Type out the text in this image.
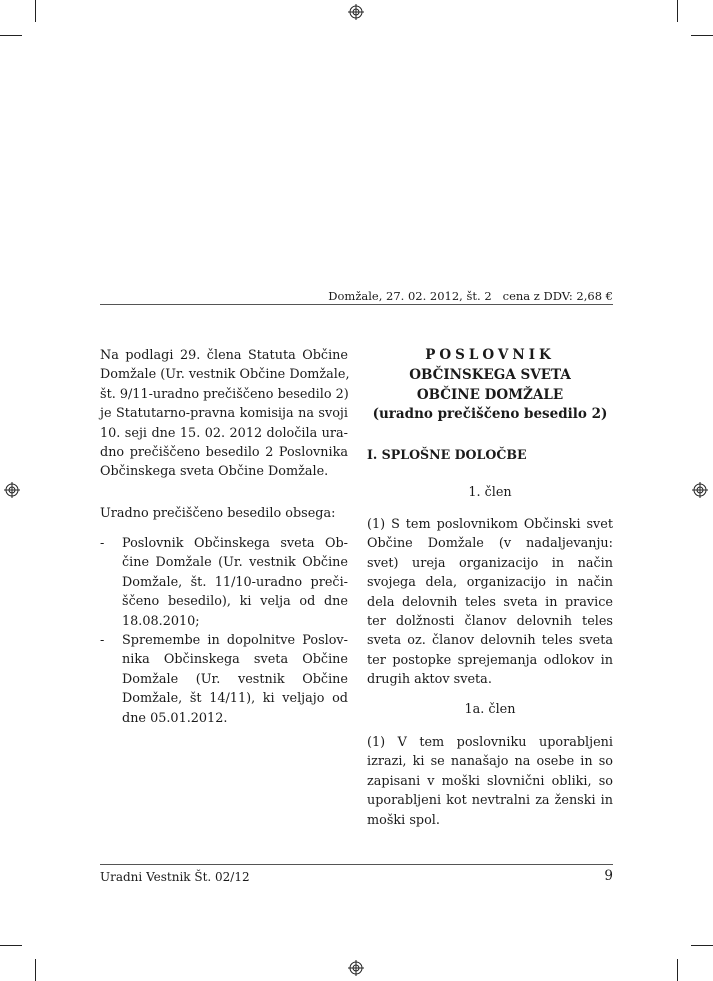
Domžale, 27. 02. 2012, št. 2 cena z DDV: 2,68 €

Na podlagi 29. člena Statuta Občine
Domžale (Ur. vestnik Občine Domžale,
št. 9/11-uradno prečiščeno besedilo 2)
je Statutarno-pravna komisija na svoji
10. seji dne 15. 02. 2012 določila ura-
dno prečiščeno besedilo 2 Poslovnika
Občinskega sveta Občine Domžale.

Uradno prečiščeno besedilo obsega:
- Poslovnik Občinskega sveta Ob-
čine Domžale (Ur. vestnik Občine
Domžale, št. 11/10-uradno preči-
ščeno besedilo), ki velja od dne
18.08.2010;
- Spremembe in dopolnitve Poslov-
nika Občinskega sveta Občine
Domžale (Ur. vestnik Občine
Domžale, št 14/11), ki veljajo od
dne 05.01.2012.
POSLOVNIK
OBČINSKEGA SVETA
OBČINE DOMŽALE
(uradno prečiščeno besedilo 2)
I. SPLOŠNE DOLOČBE
1. člen
(1) S tem poslovnikom Občinski svet
Občine Domžale (v nadaljevanju:
svet) ureja organizacijo in način
svojega dela, organizacijo in način
dela delovnih teles sveta in pravice
ter dolžnosti članov delovnih teles
sveta oz. članov delovnih teles sveta
ter postopke sprejemanja odlokov in
drugih aktov sveta.
1a. člen
(1) V tem poslovniku uporabljeni
izrazi, ki se nanašajo na osebe in so
zapisani v moški slovnični obliki, so
uporabljeni kot nevtralni za ženski in
moški spol.
Uradni Vestnik Št. 02/12	9
